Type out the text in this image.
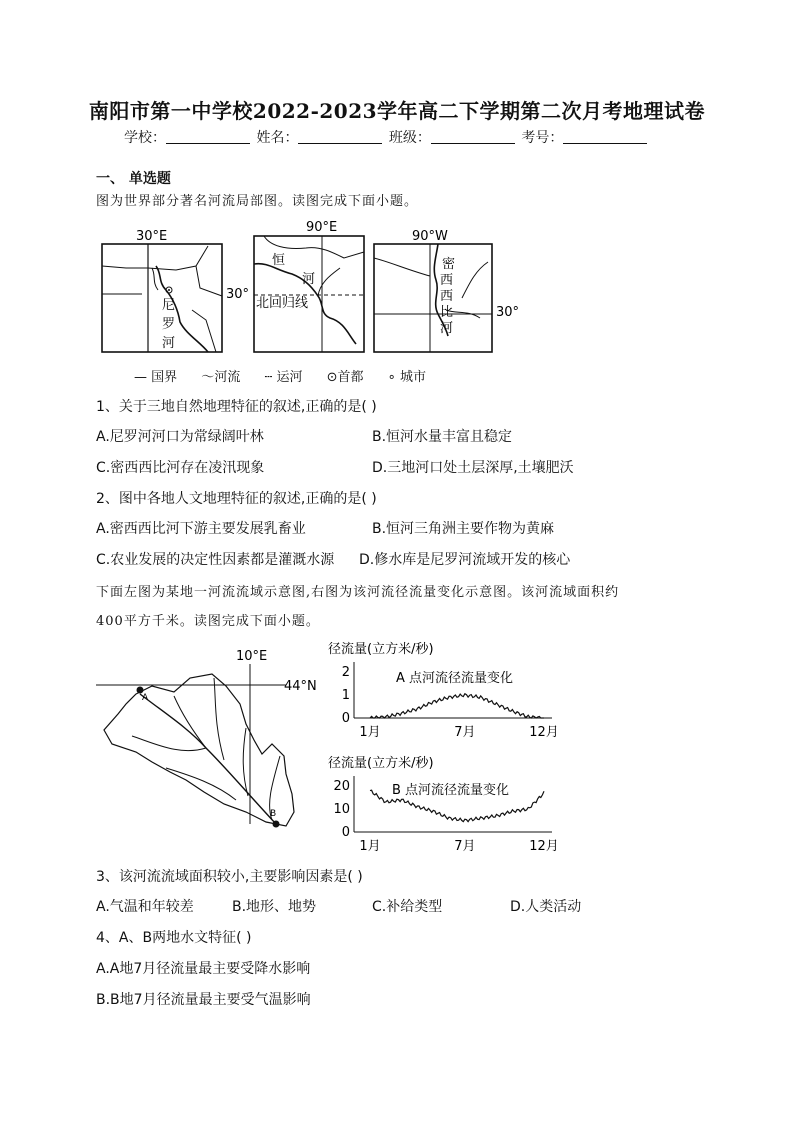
南阳市第一中学校2022-2023学年高二下学期第二次月考地理试卷
学校：	姓名：	班级：	考号：
一、 单选题
图为世界部分著名河流局部图。读图完成下面小题。
30°E
30°
尼
罗
河
90°E
恒
河
北回归线
90°W
30°
密
西
西
比
河
— 国界 〜河流 ┄ 运河 ⊙首都 ∘ 城市
1、关于三地自然地理特征的叙述,正确的是( )
A.尼罗河河口为常绿阔叶林	B.恒河水量丰富且稳定
C.密西西比河存在凌汛现象	D.三地河口处土层深厚,土壤肥沃
2、图中各地人文地理特征的叙述,正确的是( )
A.密西西比河下游主要发展乳畜业	B.恒河三角洲主要作物为黄麻
C.农业发展的决定性因素都是灌溉水源 D.修水库是尼罗河流域开发的核心
下面左图为某地一河流流域示意图,右图为该河流径流量变化示意图。该河流域面积约
400平方千米。读图完成下面小题。
10°E
44°N
A
B
径流量(立方米/秒)
A 点河流径流量变化
2
1
0
1月	7月	12月
径流量(立方米/秒)
B 点河流径流量变化
20
10
0
1月	7月	12月
3、该河流流域面积较小,主要影响因素是( )
A.气温和年较差	B.地形、地势	C.补给类型	D.人类活动
4、A、B两地水文特征( )
A.A地7月径流量最主要受降水影响
B.B地7月径流量最主要受气温影响
